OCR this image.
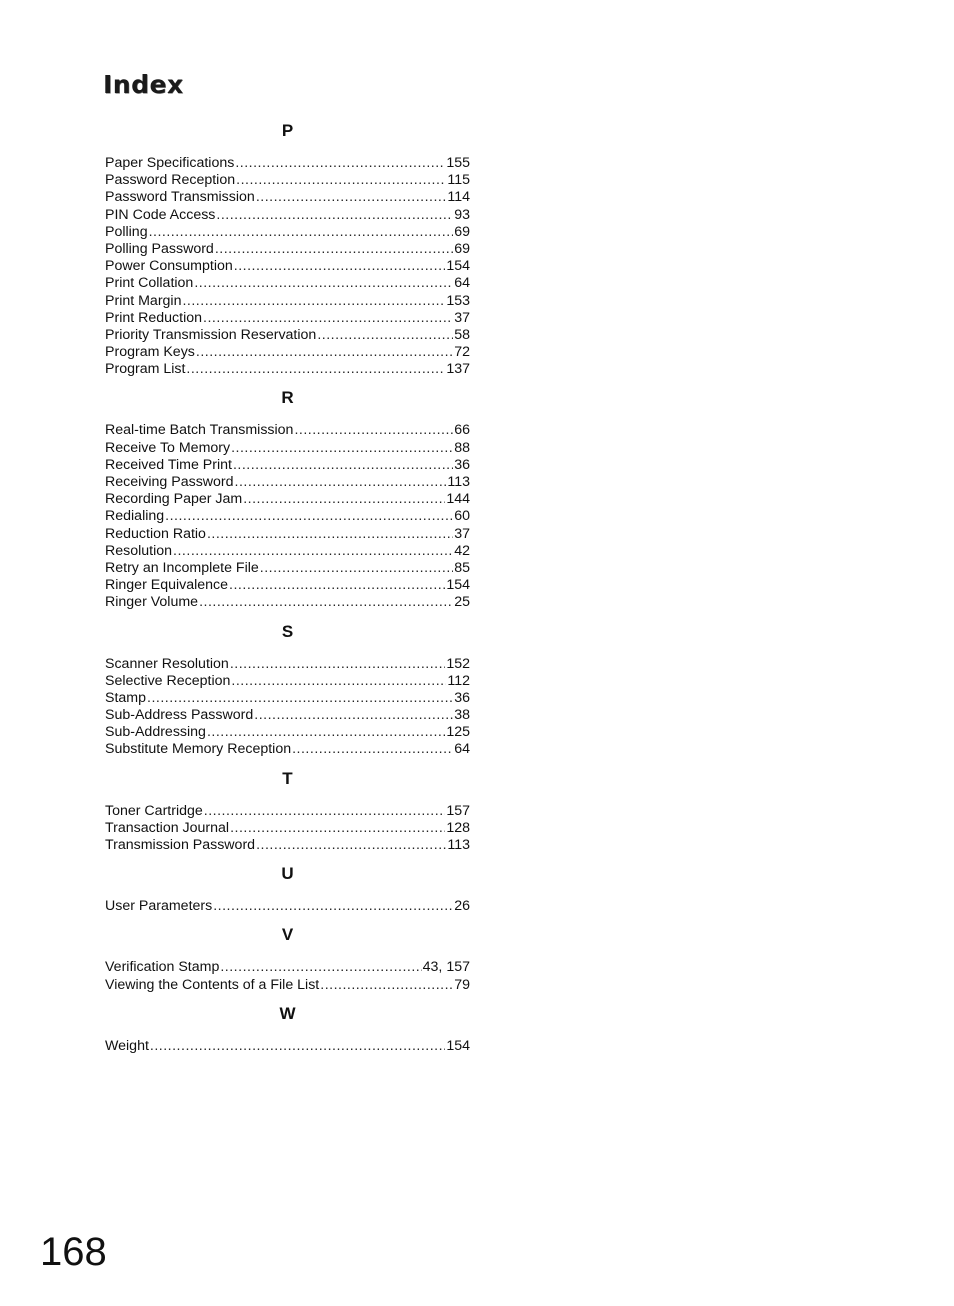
Index
P
Paper Specifications .....	155
Password Reception .....	115
Password Transmission .....	114
PIN Code Access .....	93
Polling .....	69
Polling Password .....	69
Power Consumption .....	154
Print Collation .....	64
Print Margin .....	153
Print Reduction .....	37
Priority Transmission Reservation .....	58
Program Keys .....	72
Program List .....	137
R
Real-time Batch Transmission .....	66
Receive To Memory .....	88
Received Time Print .....	36
Receiving Password .....	113
Recording Paper Jam .....	144
Redialing .....	60
Reduction Ratio .....	37
Resolution .....	42
Retry an Incomplete File .....	85
Ringer Equivalence .....	154
Ringer Volume .....	25
S
Scanner Resolution .....	152
Selective Reception .....	112
Stamp .....	36
Sub-Address Password .....	38
Sub-Addressing .....	125
Substitute Memory Reception .....	64
T
Toner Cartridge .....	157
Transaction Journal .....	128
Transmission Password .....	113
U
User Parameters .....	26
V
Verification Stamp .....	43, 157
Viewing the Contents of a File List .....	79
W
Weight .....	154
168
